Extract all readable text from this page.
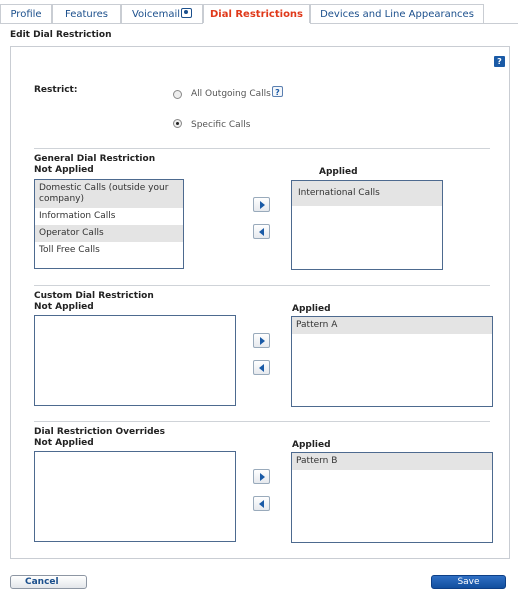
Profile	Features	Voicemail	Dial Restrictions	Devices and Line Appearances
Edit Dial Restriction
?
Restrict:	All Outgoing Calls ?
Specific Calls
General Dial Restriction
Not Applied	Applied
Domestic Calls (outside your company)
Information Calls
Operator Calls
Toll Free Calls
International Calls
Custom Dial Restriction
Not Applied	Applied
Pattern A
Dial Restriction Overrides
Not Applied	Applied
Pattern B
Cancel	Save
